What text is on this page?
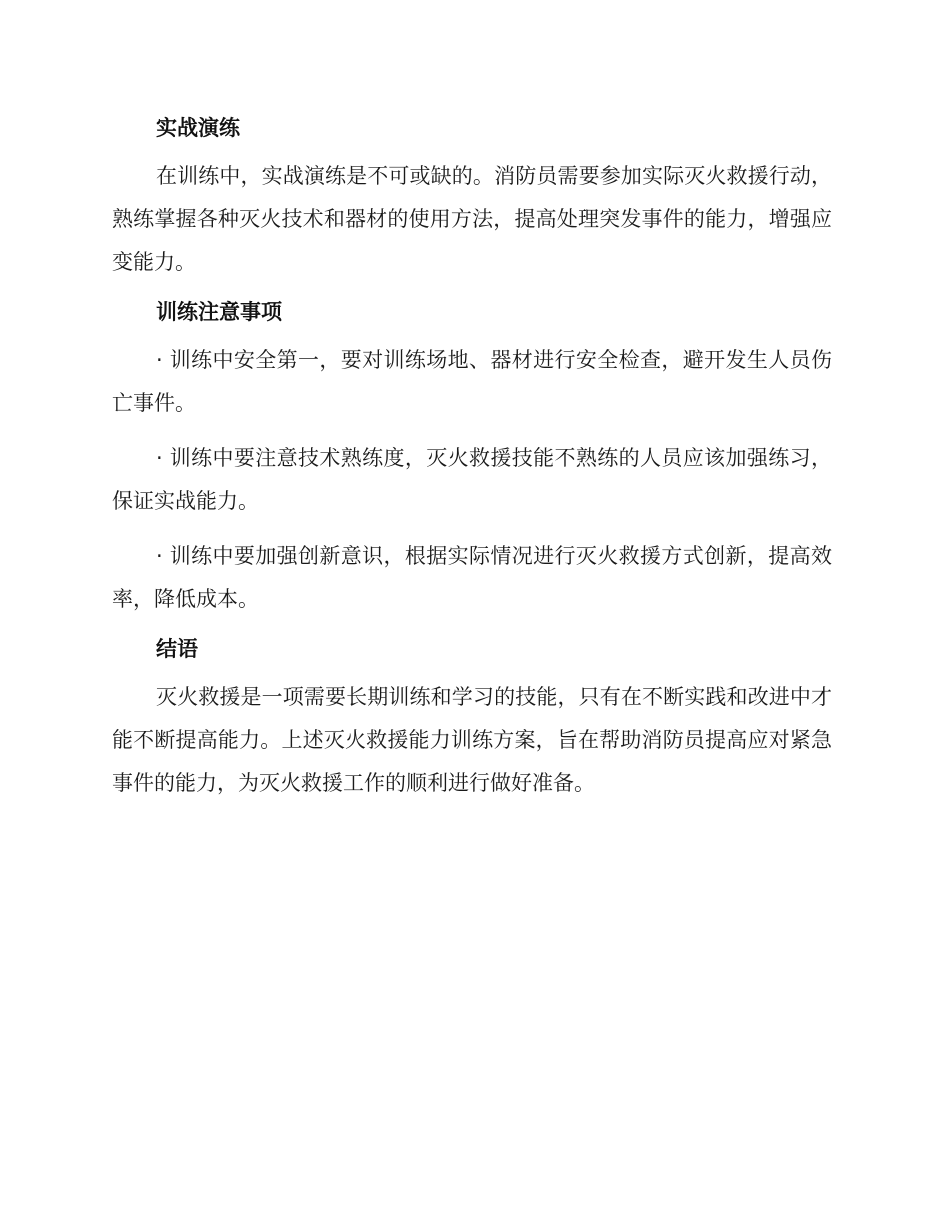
实战演练

在训练中，实战演练是不可或缺的。消防员需要参加实际灭火救援行动，熟练掌握各种灭火技术和器材的使用方法，提高处理突发事件的能力，增强应变能力。

训练注意事项

· 训练中安全第一，要对训练场地、器材进行安全检查，避开发生人员伤亡事件。

· 训练中要注意技术熟练度，灭火救援技能不熟练的人员应该加强练习，保证实战能力。

· 训练中要加强创新意识，根据实际情况进行灭火救援方式创新，提高效率，降低成本。

结语

灭火救援是一项需要长期训练和学习的技能，只有在不断实践和改进中才能不断提高能力。上述灭火救援能力训练方案，旨在帮助消防员提高应对紧急事件的能力，为灭火救援工作的顺利进行做好准备。
